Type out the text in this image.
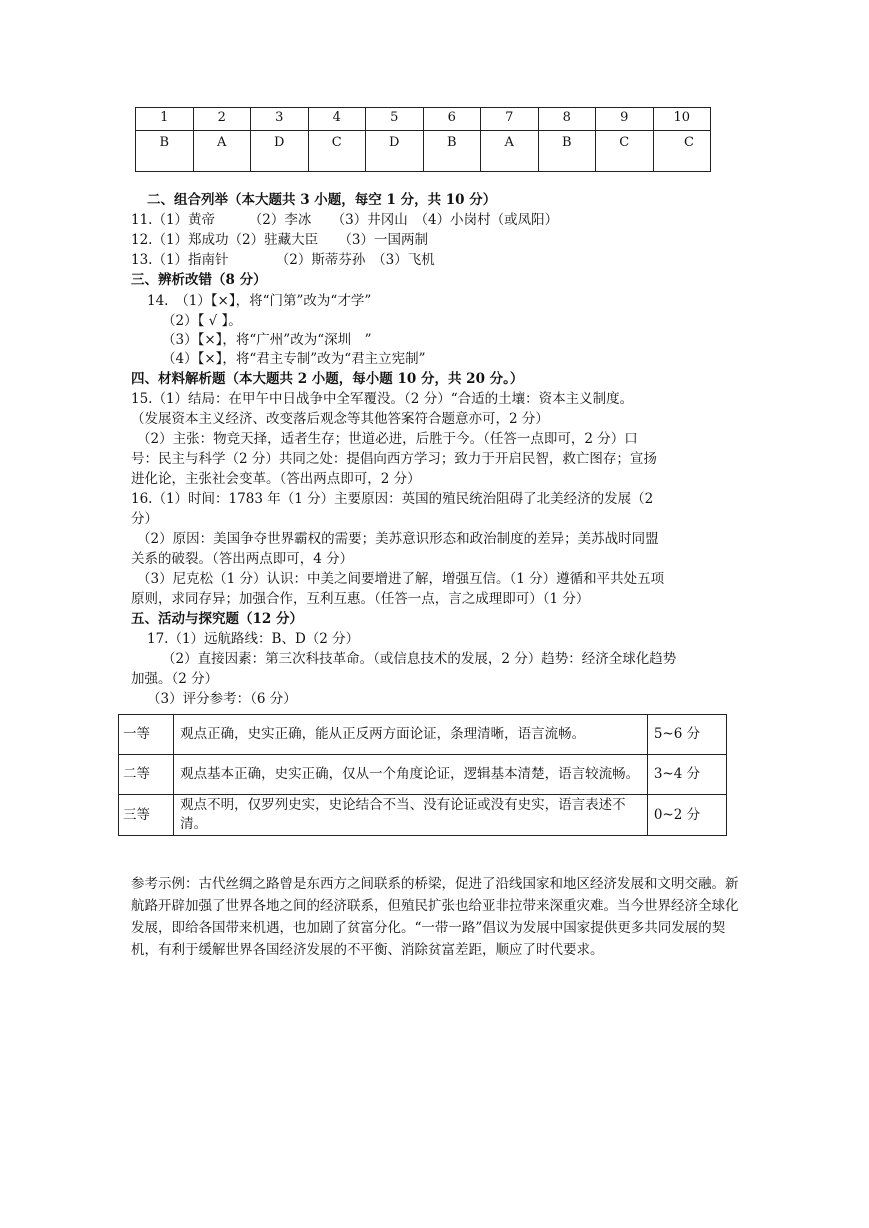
1	2	3	4	5	6	7	8	9	10
B	A	D	C	D	B	A	B	C	C
二、组合列举（本大题共 3 小题，每空 1 分，共 10 分）
11.（1）黄帝　　　（2）李冰　　（3）井冈山　（4）小岗村（或凤阳）
12.（1）郑成功（2）驻藏大臣　　（3）一国两制
13.（1）指南针　　　　（2）斯蒂芬孙　（3）飞机
三、辨析改错（8 分）
14.　（1）【×】，将“门第”改为“才学”
（2）【 √ 】。
（3）【×】，将“广州”改为“深圳　”
（4）【×】，将“君主专制”改为“君主立宪制”
四、材料解析题（本大题共 2 小题，每小题 10 分，共 20 分。）
15.（1）结局：在甲午中日战争中全军覆没。（2 分）“合适的土壤：资本主义制度。
（发展资本主义经济、改变落后观念等其他答案符合题意亦可，2 分）
（2）主张：物竞天择，适者生存；世道必进，后胜于今。（任答一点即可，2 分）口
号：民主与科学（2 分）共同之处：提倡向西方学习；致力于开启民智，救亡图存；宣扬
进化论，主张社会变革。（答出两点即可，2 分）
16.（1）时间：1783 年（1 分）主要原因：英国的殖民统治阻碍了北美经济的发展（2
分）
（2）原因：美国争夺世界霸权的需要；美苏意识形态和政治制度的差异；美苏战时同盟
关系的破裂。（答出两点即可，4 分）
（3）尼克松（1 分）认识：中美之间要增进了解，增强互信。（1 分）遵循和平共处五项
原则，求同存异；加强合作，互利互惠。（任答一点，言之成理即可）（1 分）
五、活动与探究题（12 分）
17.（1）远航路线：B、D（2 分）
（2）直接因素：第三次科技革命。（或信息技术的发展，2 分）趋势：经济全球化趋势
加强。（2 分）
（3）评分参考：（6 分）
一等	观点正确，史实正确，能从正反两方面论证，条理清晰，语言流畅。	5~6 分
二等	观点基本正确，史实正确，仅从一个角度论证，逻辑基本清楚，语言较流畅。	3~4 分
三等	观点不明，仅罗列史实，史论结合不当、没有论证或没有史实，语言表述不清。	0~2 分
参考示例：古代丝绸之路曾是东西方之间联系的桥梁，促进了沿线国家和地区经济发展和文明交融。新航路开辟加强了世界各地之间的经济联系，但殖民扩张也给亚非拉带来深重灾难。当今世界经济全球化发展，即给各国带来机遇，也加剧了贫富分化。“一带一路”倡议为发展中国家提供更多共同发展的契机，有利于缓解世界各国经济发展的不平衡、消除贫富差距，顺应了时代要求。
